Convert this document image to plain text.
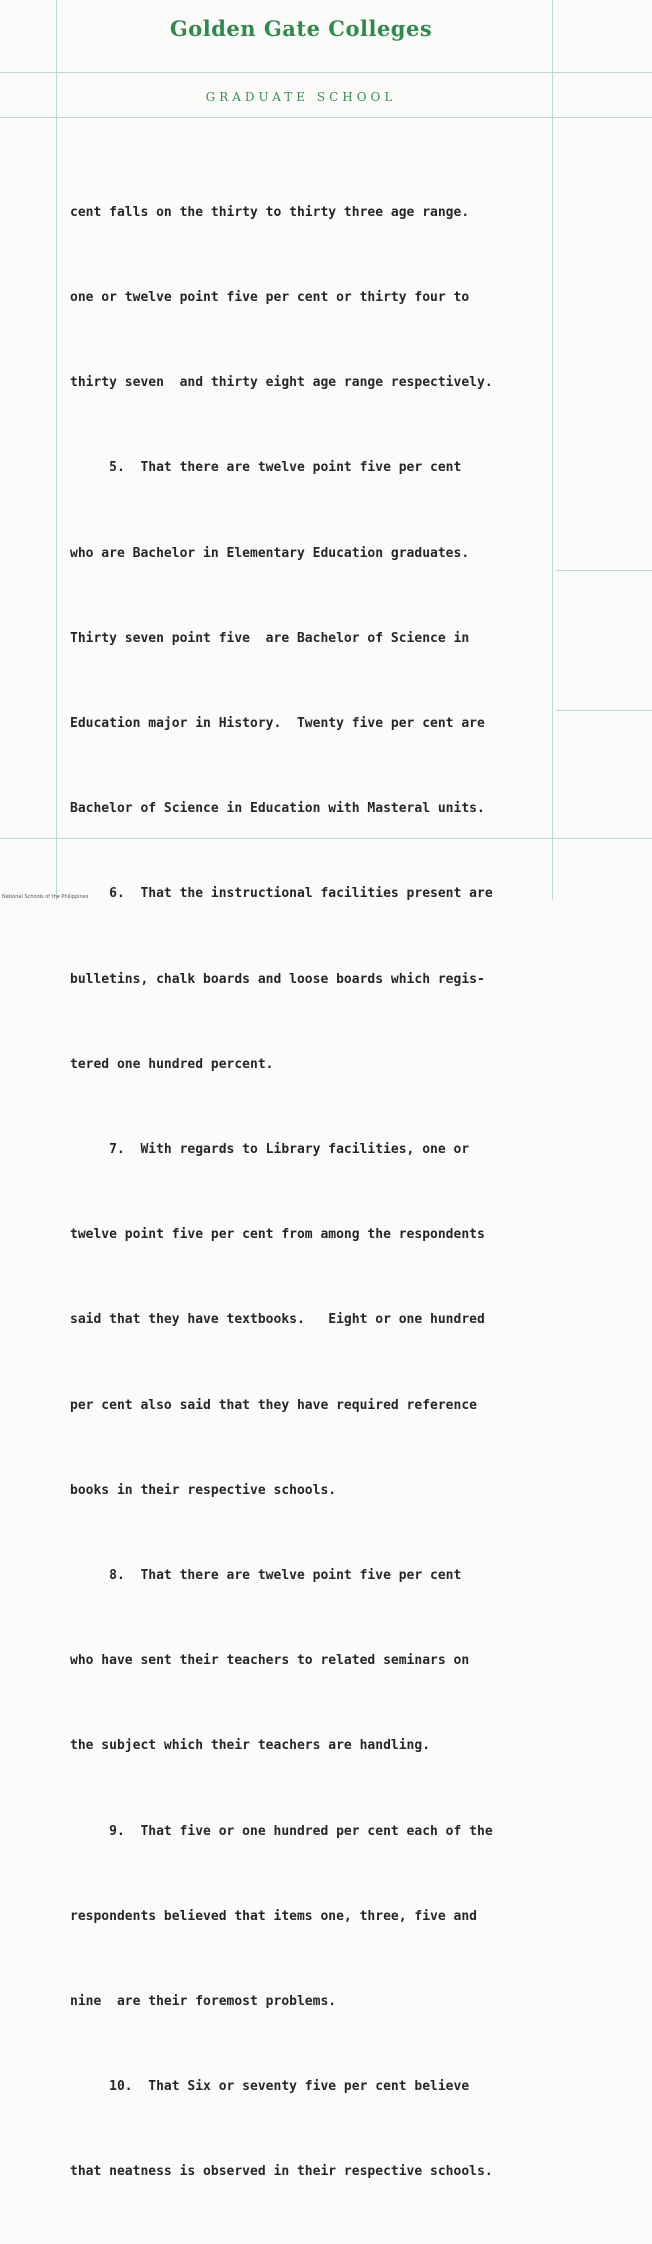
Golden Gate Colleges
GRADUATE SCHOOL

cent falls on the thirty to thirty three age range.

one or twelve point five per cent or thirty four to

thirty seven  and thirty eight age range respectively.

5.  That there are twelve point five per cent

who are Bachelor in Elementary Education graduates.

Thirty seven point five  are Bachelor of Science in

Education major in History.  Twenty five per cent are

Bachelor of Science in Education with Masteral units.

6.  That the instructional facilities present are

bulletins, chalk boards and loose boards which regis-

tered one hundred percent.

7.  With regards to Library facilities, one or

twelve point five per cent from among the respondents

said that they have textbooks.   Eight or one hundred

per cent also said that they have required reference

books in their respective schools.

8.  That there are twelve point five per cent

who have sent their teachers to related seminars on

the subject which their teachers are handling.

9.  That five or one hundred per cent each of the

respondents believed that items one, three, five and

nine  are their foremost problems.

10.  That Six or seventy five per cent believe

that neatness is observed in their respective schools.

National Schools of the Philippines
